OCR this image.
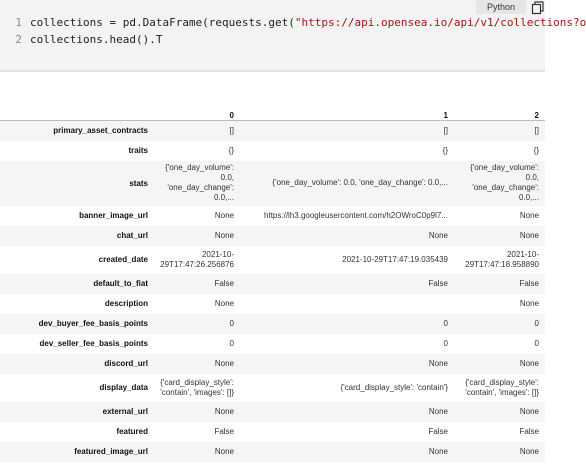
Python
1 collections = pd.DataFrame(requests.get("https://api.opensea.io/api/v1/collections?o
2 collections.head().T
	0	1	2
primary_asset_contracts	[]	[]	[]
traits	{}	{}	{}
stats	{'one_day_volume': 0.0, 'one_day_change': 0.0,...	{'one_day_volume': 0.0, 'one_day_change': 0.0,...	{'one_day_volume': 0.0, 'one_day_change': 0.0,...
banner_image_url	None	https://lh3.googleusercontent.com/h2OWroC0p9l7...	None
chat_url	None	None	None
created_date	2021-10-29T17:47:26.256876	2021-10-29T17:47:19.035439	2021-10-29T17:47:18.958890
default_to_fiat	False	False	False
description	None		None
dev_buyer_fee_basis_points	0	0	0
dev_seller_fee_basis_points	0	0	0
discord_url	None	None	None
display_data	{'card_display_style': 'contain', 'images': []}	{'card_display_style': 'contain'}	{'card_display_style': 'contain', 'images': []}
external_url	None	None	None
featured	False	False	False
featured_image_url	None	None	None
